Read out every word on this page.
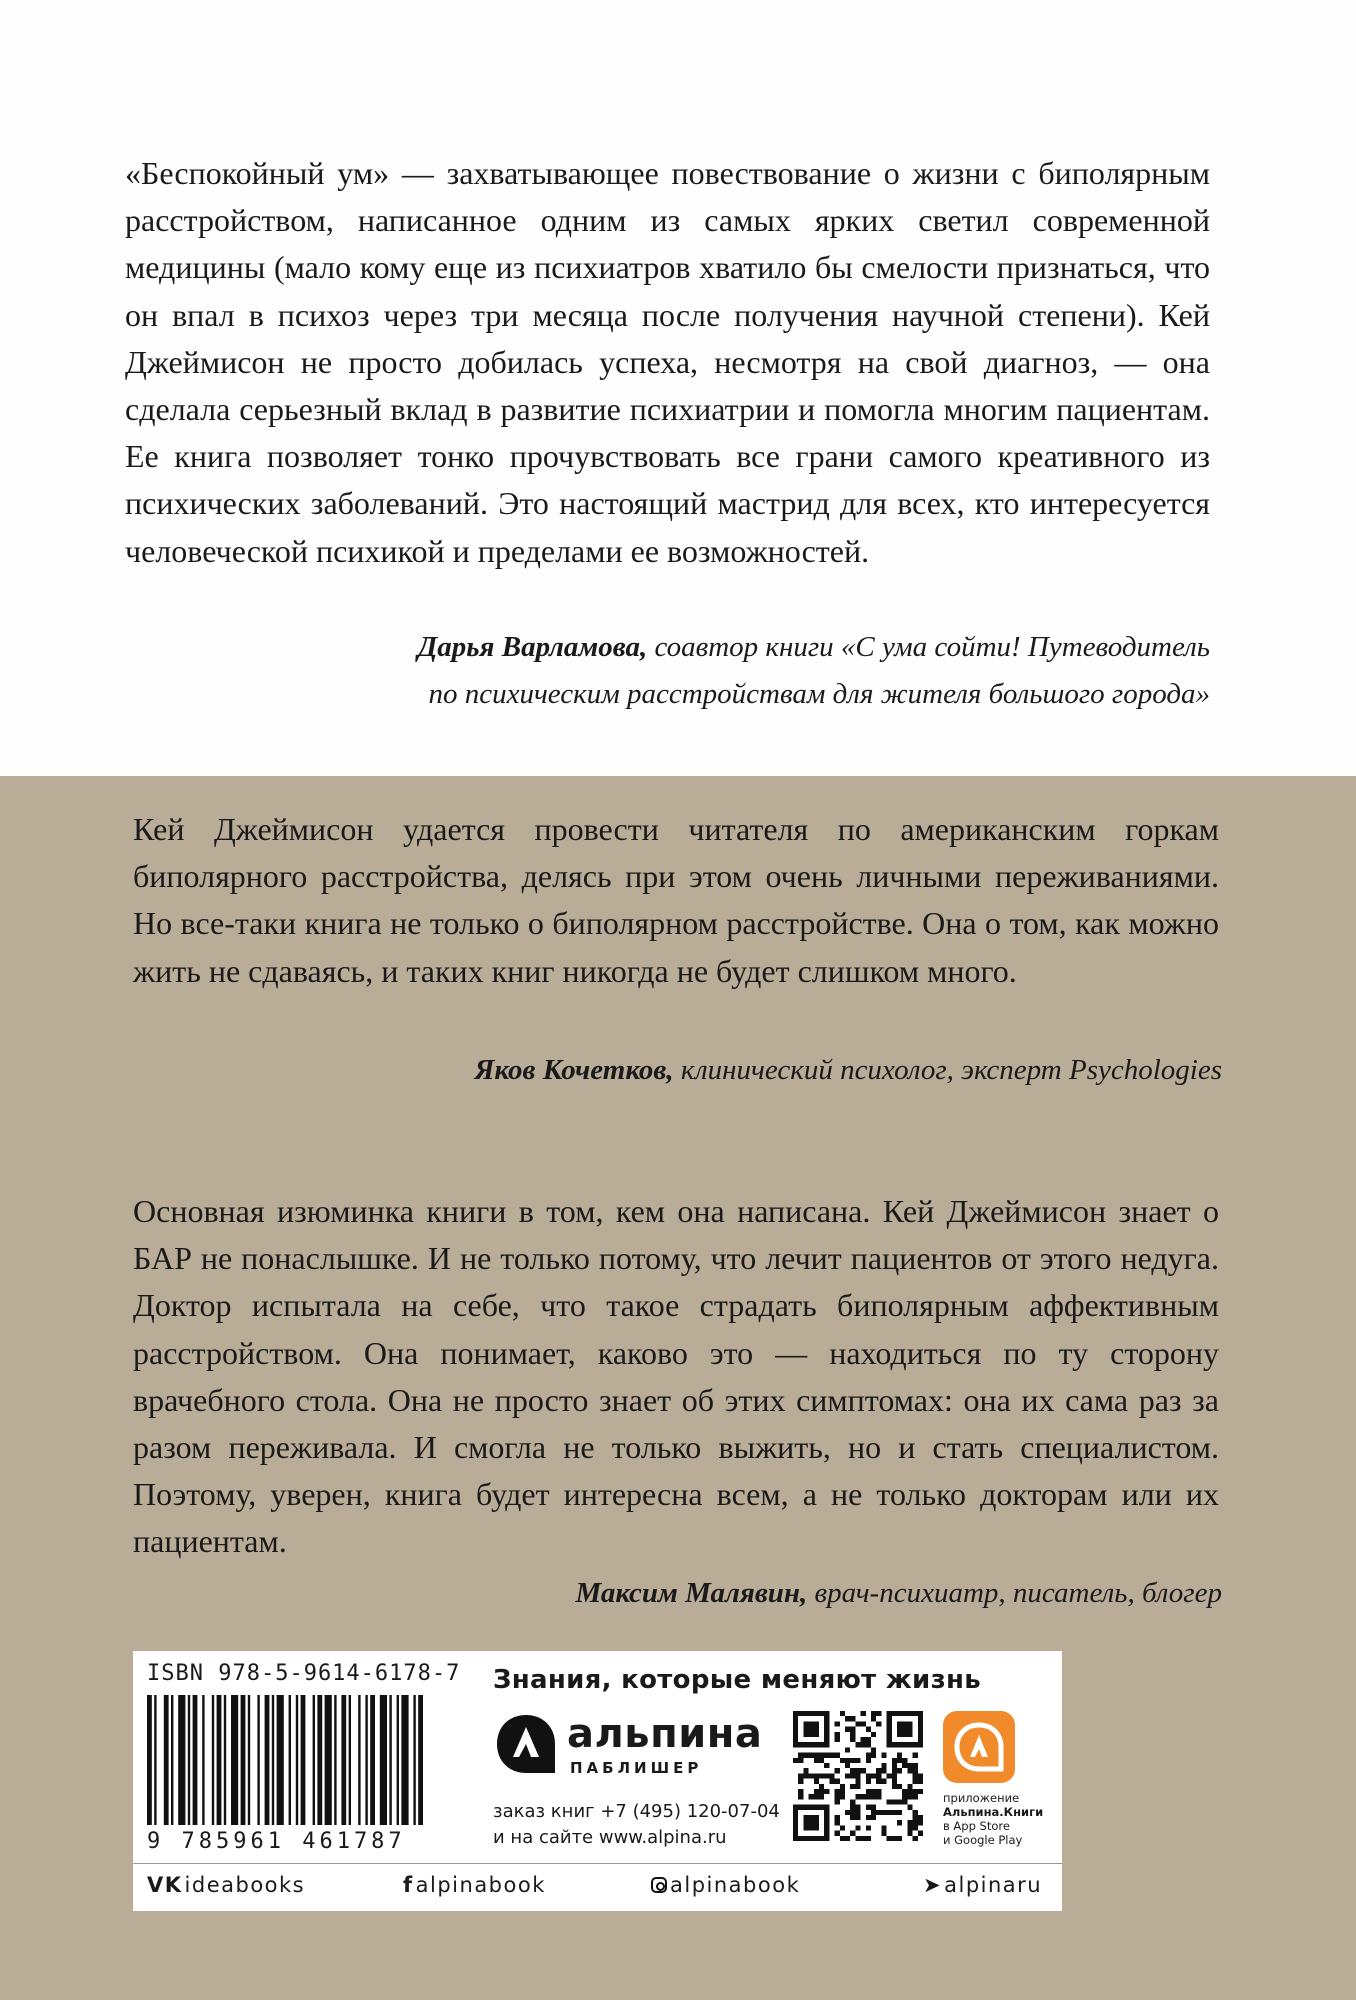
«Беспокойный ум» — захватывающее повествование о жизни с биполярным расстройством, написанное одним из самых ярких светил современной медицины (мало кому еще из психиатров хватило бы смелости признаться, что он впал в психоз через три месяца после получения научной степени). Кей Джеймисон не просто добилась успеха, несмотря на свой диагноз, — она сделала серьезный вклад в развитие психиатрии и помогла многим пациентам. Ее книга позволяет тонко прочувствовать все грани самого креативного из психических заболеваний. Это настоящий мастрид для всех, кто интересуется человеческой психикой и пределами ее возможностей.

Дарья Варламова, соавтор книги «С ума сойти! Путеводитель
по психическим расстройствам для жителя большого города»

Кей Джеймисон удается провести читателя по американским горкам биполярного расстройства, делясь при этом очень личными переживаниями. Но все-таки книга не только о биполярном расстройстве. Она о том, как можно жить не сдаваясь, и таких книг никогда не будет слишком много.

Яков Кочетков, клинический психолог, эксперт Psychologies

Основная изюминка книги в том, кем она написана. Кей Джеймисон знает о БАР не понаслышке. И не только потому, что лечит пациентов от этого недуга. Доктор испытала на себе, что такое страдать биполярным аффективным расстройством. Она понимает, каково это — находиться по ту сторону врачебного стола. Она не просто знает об этих симптомах: она их сама раз за разом переживала. И смогла не только выжить, но и стать специалистом. Поэтому, уверен, книга будет интересна всем, а не только докторам или их пациентам.

Максим Малявин, врач-психиатр, писатель, блогер

ISBN 978-5-9614-6178-7
9 785961 461787
Знания, которые меняют жизнь
альпина
ПАБЛИШЕР
заказ книг +7 (495) 120-07-04
и на сайте www.alpina.ru
приложение
Альпина.Книги
в App Store
и Google Play
VK ideabooks	f alpinabook	alpinabook	➤ alpinaru
